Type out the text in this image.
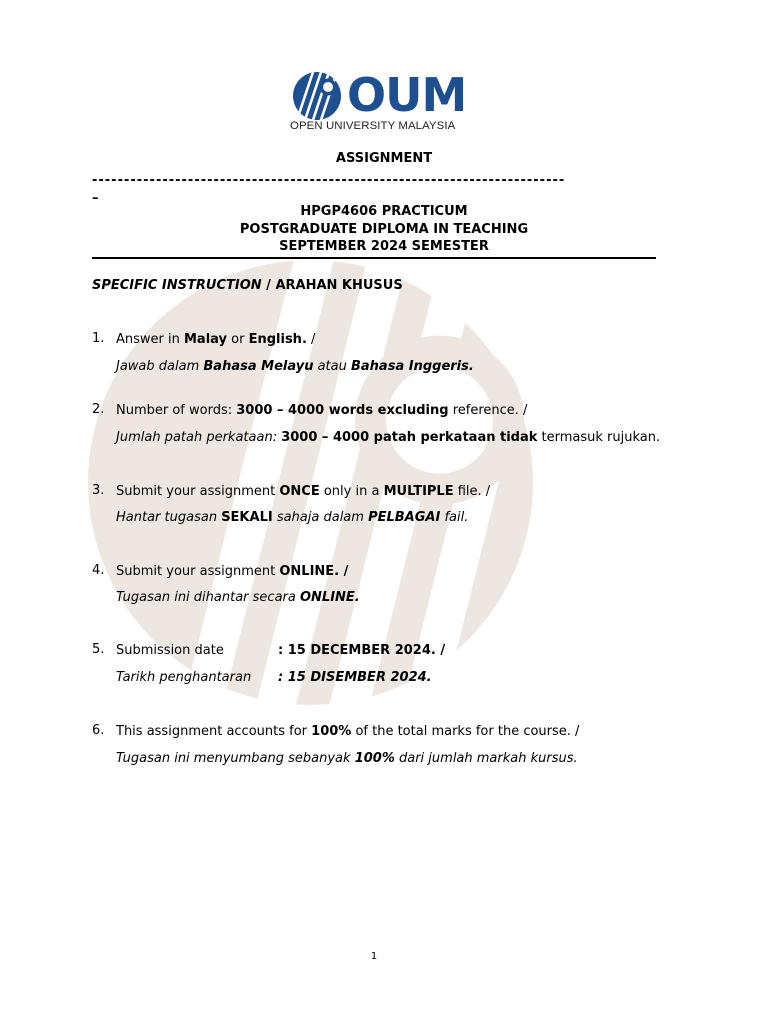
OUM
OPEN UNIVERSITY MALAYSIA
ASSIGNMENT
--------------------------------------------------------------------------
–
HPGP4606 PRACTICUM
POSTGRADUATE DIPLOMA IN TEACHING
SEPTEMBER 2024 SEMESTER
SPECIFIC INSTRUCTION / ARAHAN KHUSUS
1. Answer in Malay or English. /
Jawab dalam Bahasa Melayu atau Bahasa Inggeris.
2. Number of words: 3000 – 4000 words excluding reference. /
Jumlah patah perkataan: 3000 – 4000 patah perkataan tidak termasuk rujukan.
3. Submit your assignment ONCE only in a MULTIPLE file. /
Hantar tugasan SEKALI sahaja dalam PELBAGAI fail.
4. Submit your assignment ONLINE. /
Tugasan ini dihantar secara ONLINE.
5. Submission date	: 15 DECEMBER 2024. /
Tarikh penghantaran : 15 DISEMBER 2024.
6. This assignment accounts for 100% of the total marks for the course. /
Tugasan ini menyumbang sebanyak 100% dari jumlah markah kursus.
1
